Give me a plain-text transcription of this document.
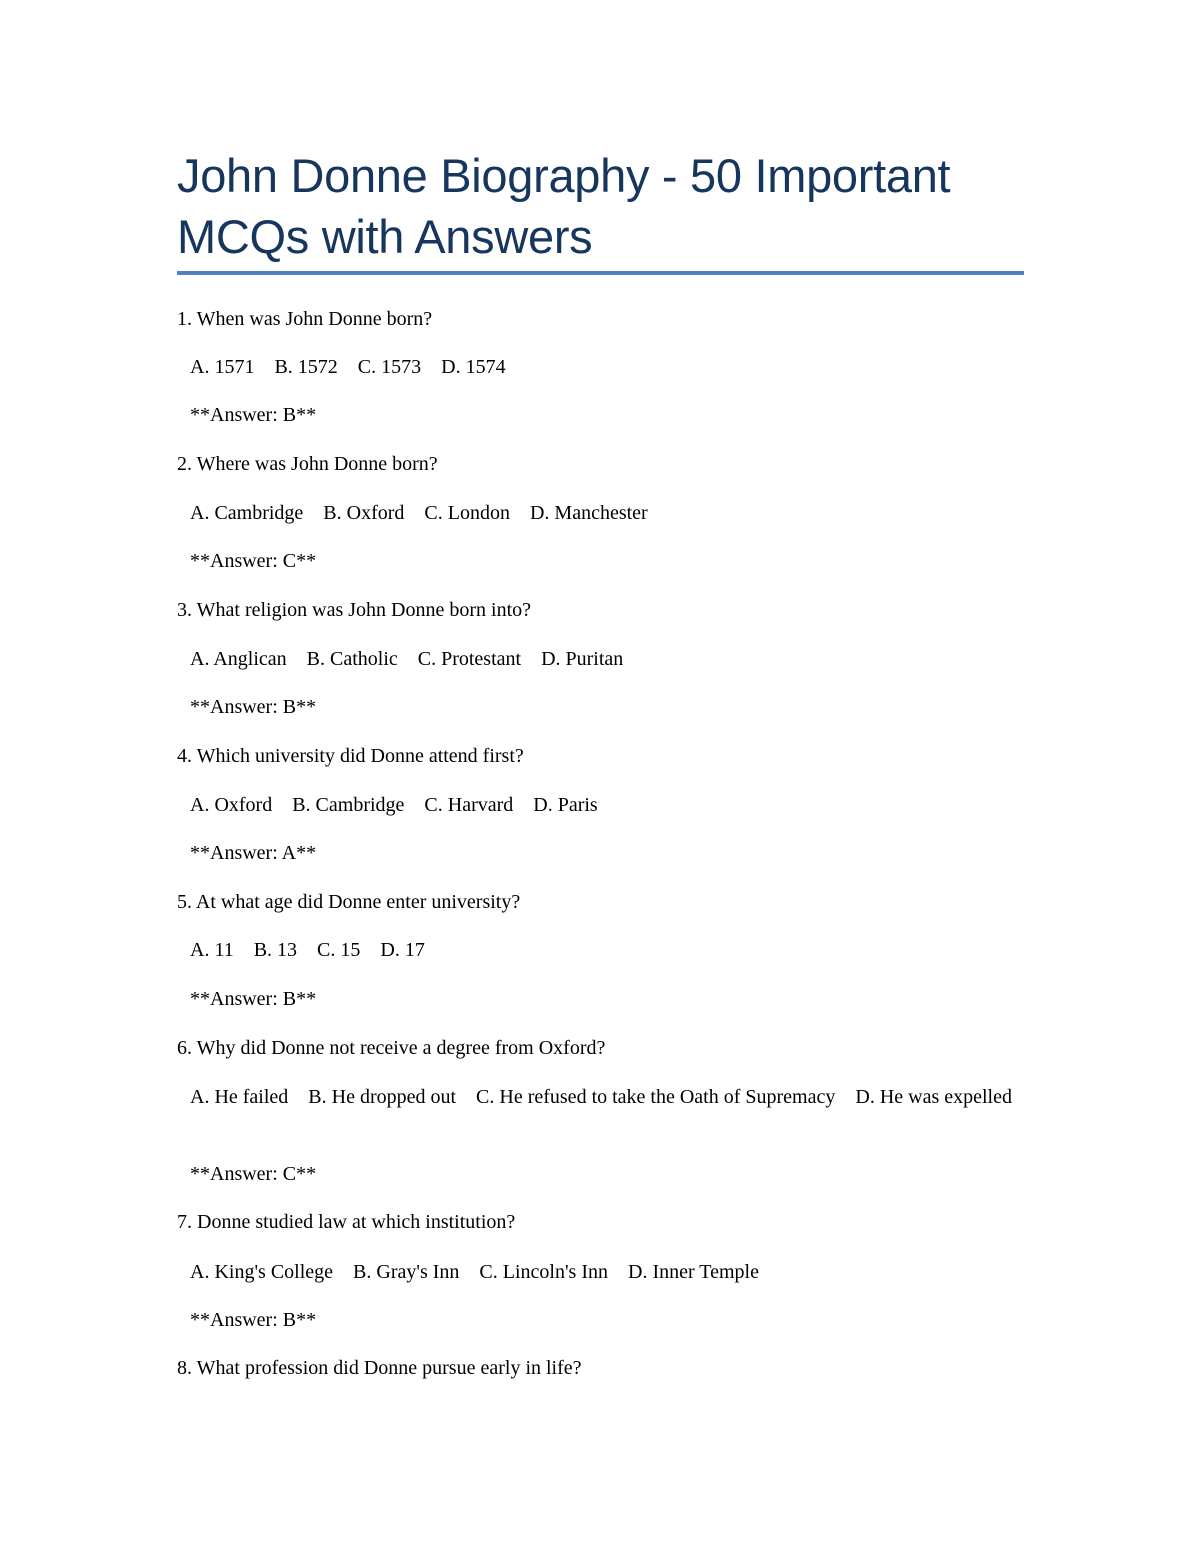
John Donne Biography - 50 Important MCQs with Answers
1. When was John Donne born?
A. 1571    B. 1572    C. 1573    D. 1574
**Answer: B**
2. Where was John Donne born?
A. Cambridge    B. Oxford    C. London    D. Manchester
**Answer: C**
3. What religion was John Donne born into?
A. Anglican    B. Catholic    C. Protestant    D. Puritan
**Answer: B**
4. Which university did Donne attend first?
A. Oxford    B. Cambridge    C. Harvard    D. Paris
**Answer: A**
5. At what age did Donne enter university?
A. 11    B. 13    C. 15    D. 17
**Answer: B**
6. Why did Donne not receive a degree from Oxford?
A. He failed    B. He dropped out    C. He refused to take the Oath of Supremacy    D. He was expelled
**Answer: C**
7. Donne studied law at which institution?
A. King's College    B. Gray's Inn    C. Lincoln's Inn    D. Inner Temple
**Answer: B**
8. What profession did Donne pursue early in life?
